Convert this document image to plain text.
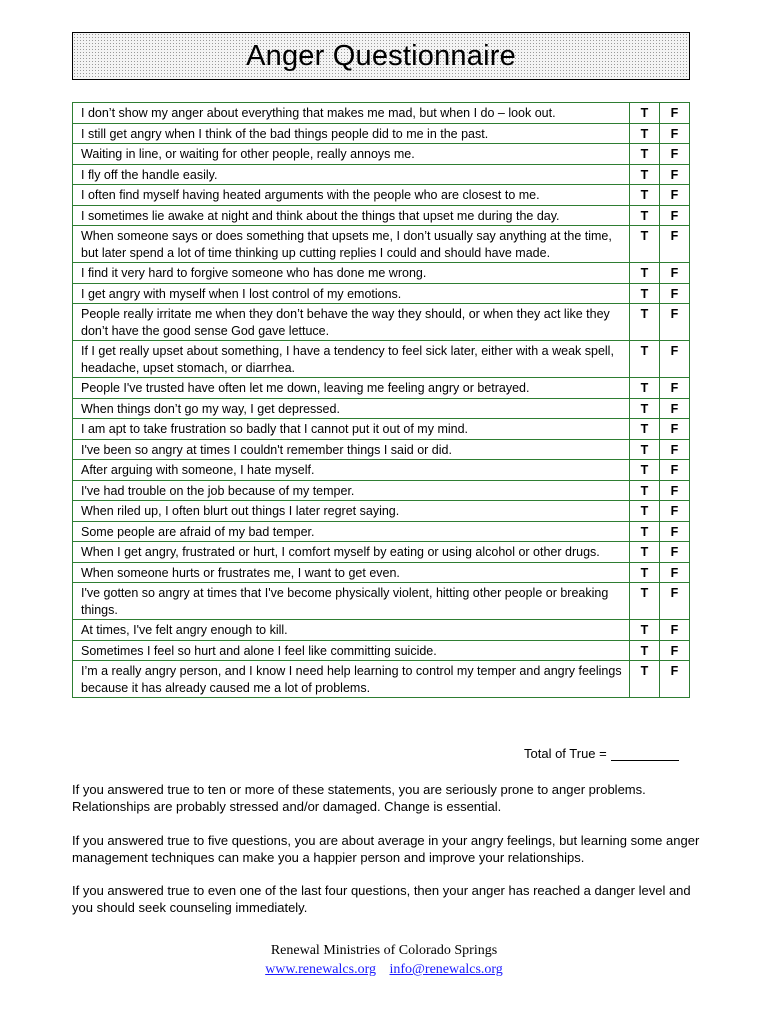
Anger Questionnaire
I don’t show my anger about everything that makes me mad, but when I do – look out.	T	F
I still get angry when I think of the bad things people did to me in the past.	T	F
Waiting in line, or waiting for other people, really annoys me.	T	F
I fly off the handle easily.	T	F
I often find myself having heated arguments with the people who are closest to me.	T	F
I sometimes lie awake at night and think about the things that upset me during the day.	T	F
When someone says or does something that upsets me, I don’t usually say anything at the time, but later spend a lot of time thinking up cutting replies I could and should have made.	T	F
I find it very hard to forgive someone who has done me wrong.	T	F
I get angry with myself when I lost control of my emotions.	T	F
People really irritate me when they don’t behave the way they should, or when they act like they don’t have the good sense God gave lettuce.	T	F
If I get really upset about something, I have a tendency to feel sick later, either with a weak spell, headache, upset stomach, or diarrhea.	T	F
People I've trusted have often let me down, leaving me feeling angry or betrayed.	T	F
When things don’t go my way, I get depressed.	T	F
I am apt to take frustration so badly that I cannot put it out of my mind.	T	F
I've been so angry at times I couldn't remember things I said or did.	T	F
After arguing with someone, I hate myself.	T	F
I've had trouble on the job because of my temper.	T	F
When riled up, I often blurt out things I later regret saying.	T	F
Some people are afraid of my bad temper.	T	F
When I get angry, frustrated or hurt, I comfort myself by eating or using alcohol or other drugs.	T	F
When someone hurts or frustrates me, I want to get even.	T	F
I've gotten so angry at times that I've become physically violent, hitting other people or breaking things.	T	F
At times, I've felt angry enough to kill.	T	F
Sometimes I feel so hurt and alone I feel like committing suicide.	T	F
I’m a really angry person, and I know I need help learning to control my temper and angry feelings because it has already caused me a lot of problems.	T	F
Total of True =

If you answered true to ten or more of these statements, you are seriously prone to anger problems. Relationships are probably stressed and/or damaged. Change is essential.

If you answered true to five questions, you are about average in your angry feelings, but learning some anger management techniques can make you a happier person and improve your relationships.

If you answered true to even one of the last four questions, then your anger has reached a danger level and you should seek counseling immediately.

Renewal Ministries of Colorado Springs
www.renewalcs.org info@renewalcs.org
